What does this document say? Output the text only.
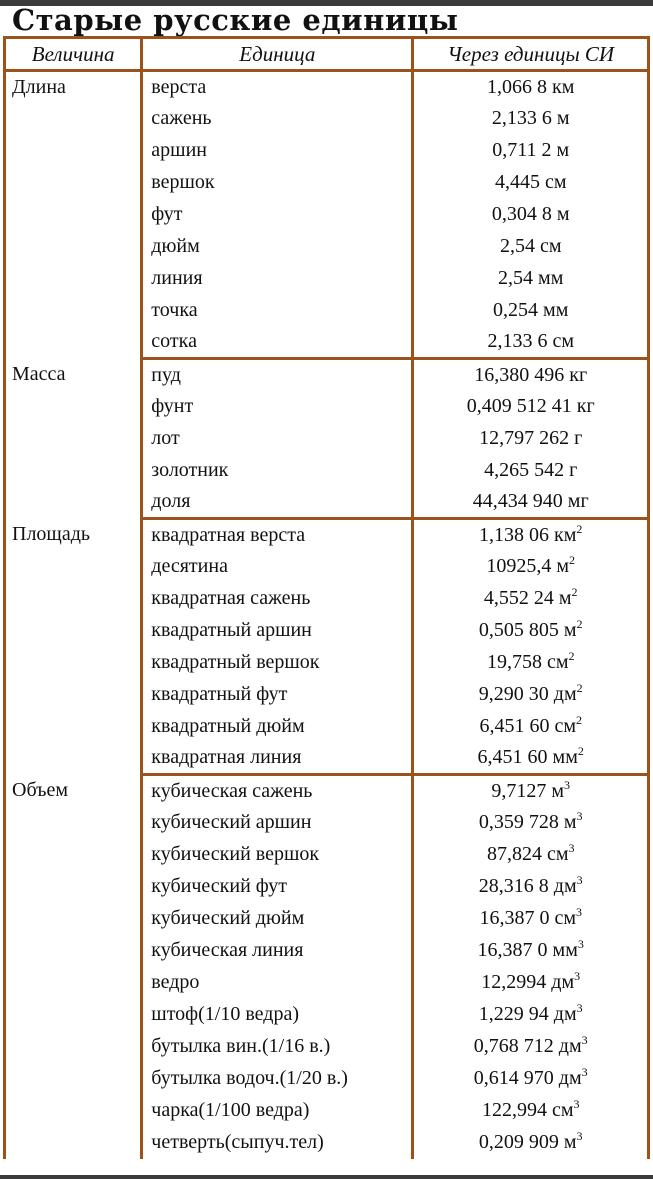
Старые русские единицы
Величина	Единица	Через единицы СИ
Длина	верста	1,066 8 км
	сажень	2,133 6 м
	аршин	0,711 2 м
	вершок	4,445 см
	фут	0,304 8 м
	дюйм	2,54 см
	линия	2,54 мм
	точка	0,254 мм
	сотка	2,133 6 см
Масса	пуд	16,380 496 кг
	фунт	0,409 512 41 кг
	лот	12,797 262 г
	золотник	4,265 542 г
	доля	44,434 940 мг
Площадь	квадратная верста	1,138 06 $км^2$
	десятина	10925,4 $м^2$
	квадратная сажень	4,552 24 $м^2$
	квадратный аршин	0,505 805 $м^2$
	квадратный вершок	19,758 $см^2$
	квадратный фут	9,290 30 $дм^2$
	квадратный дюйм	6,451 60 $см^2$
	квадратная линия	6,451 60 $мм^2$
Объем	кубическая сажень	9,7127 $м^3$
	кубический аршин	0,359 728 $м^3$
	кубический вершок	87,824 $см^3$
	кубический фут	28,316 8 $дм^3$
	кубический дюйм	16,387 0 $см^3$
	кубическая линия	16,387 0 $мм^3$
	ведро	12,2994 $дм^3$
	штоф(1/10 ведра)	1,229 94 $дм^3$
	бутылка вин.(1/16 в.)	0,768 712 $дм^3$
	бутылка водоч.(1/20 в.)	0,614 970 $дм^3$
	чарка(1/100 ведра)	122,994 $см^3$
	четверть(сыпуч.тел)	0,209 909 $м^3$
